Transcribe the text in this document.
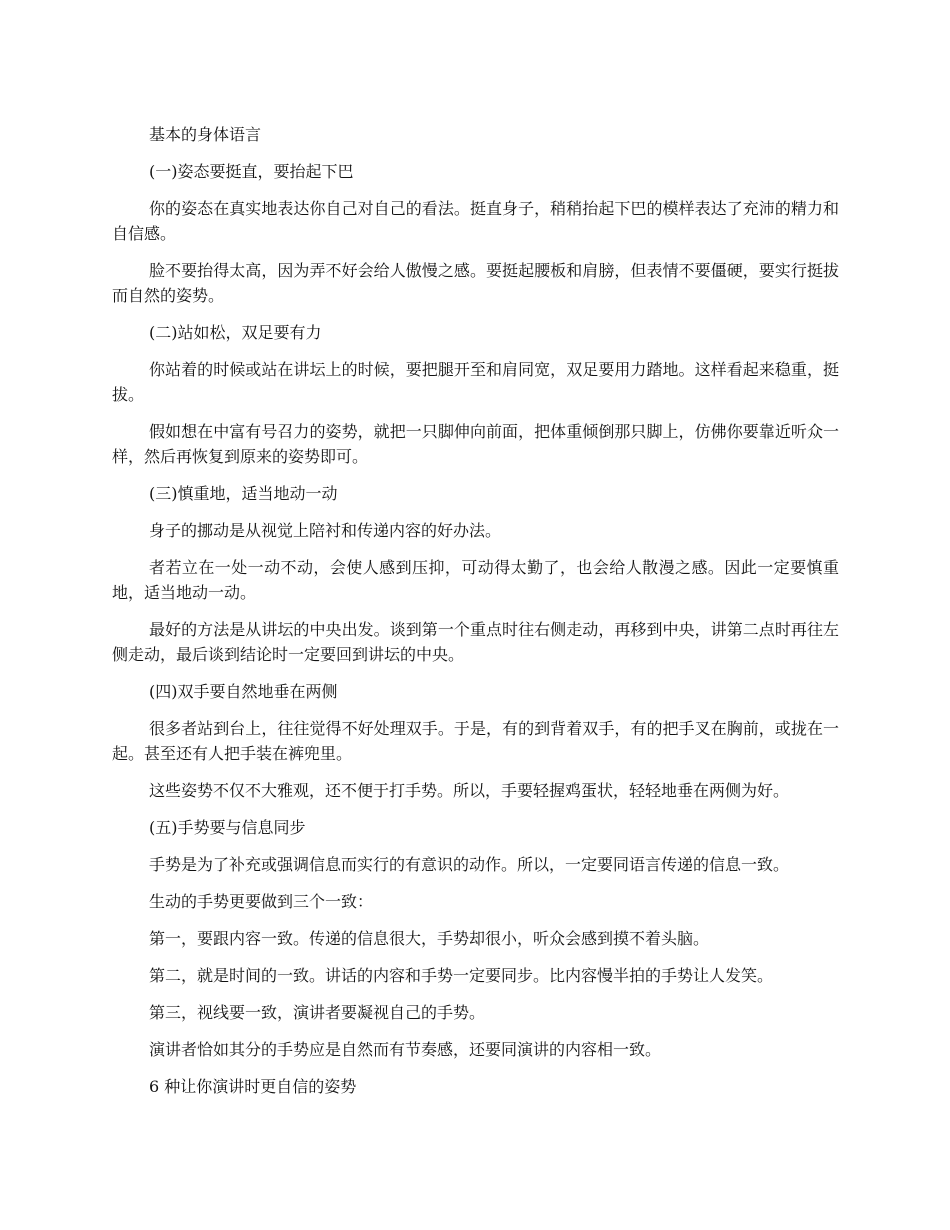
基本的身体语言

(一)姿态要挺直，要抬起下巴

你的姿态在真实地表达你自己对自己的看法。挺直身子，稍稍抬起下巴的模样表达了充沛的精力和自信感。

脸不要抬得太高，因为弄不好会给人傲慢之感。要挺起腰板和肩膀，但表情不要僵硬，要实行挺拔而自然的姿势。

(二)站如松，双足要有力

你站着的时候或站在讲坛上的时候，要把腿开至和肩同宽，双足要用力踏地。这样看起来稳重，挺拔。

假如想在中富有号召力的姿势，就把一只脚伸向前面，把体重倾倒那只脚上，仿佛你要靠近听众一样，然后再恢复到原来的姿势即可。

(三)慎重地，适当地动一动

身子的挪动是从视觉上陪衬和传递内容的好办法。

者若立在一处一动不动，会使人感到压抑，可动得太勤了，也会给人散漫之感。因此一定要慎重地，适当地动一动。

最好的方法是从讲坛的中央出发。谈到第一个重点时往右侧走动，再移到中央，讲第二点时再往左侧走动，最后谈到结论时一定要回到讲坛的中央。

(四)双手要自然地垂在两侧

很多者站到台上，往往觉得不好处理双手。于是，有的到背着双手，有的把手叉在胸前，或拢在一起。甚至还有人把手装在裤兜里。

这些姿势不仅不大雅观，还不便于打手势。所以，手要轻握鸡蛋状，轻轻地垂在两侧为好。

(五)手势要与信息同步

手势是为了补充或强调信息而实行的有意识的动作。所以，一定要同语言传递的信息一致。

生动的手势更要做到三个一致：

第一，要跟内容一致。传递的信息很大，手势却很小，听众会感到摸不着头脑。

第二，就是时间的一致。讲话的内容和手势一定要同步。比内容慢半拍的手势让人发笑。

第三，视线要一致，演讲者要凝视自己的手势。

演讲者恰如其分的手势应是自然而有节奏感，还要同演讲的内容相一致。

6 种让你演讲时更自信的姿势
